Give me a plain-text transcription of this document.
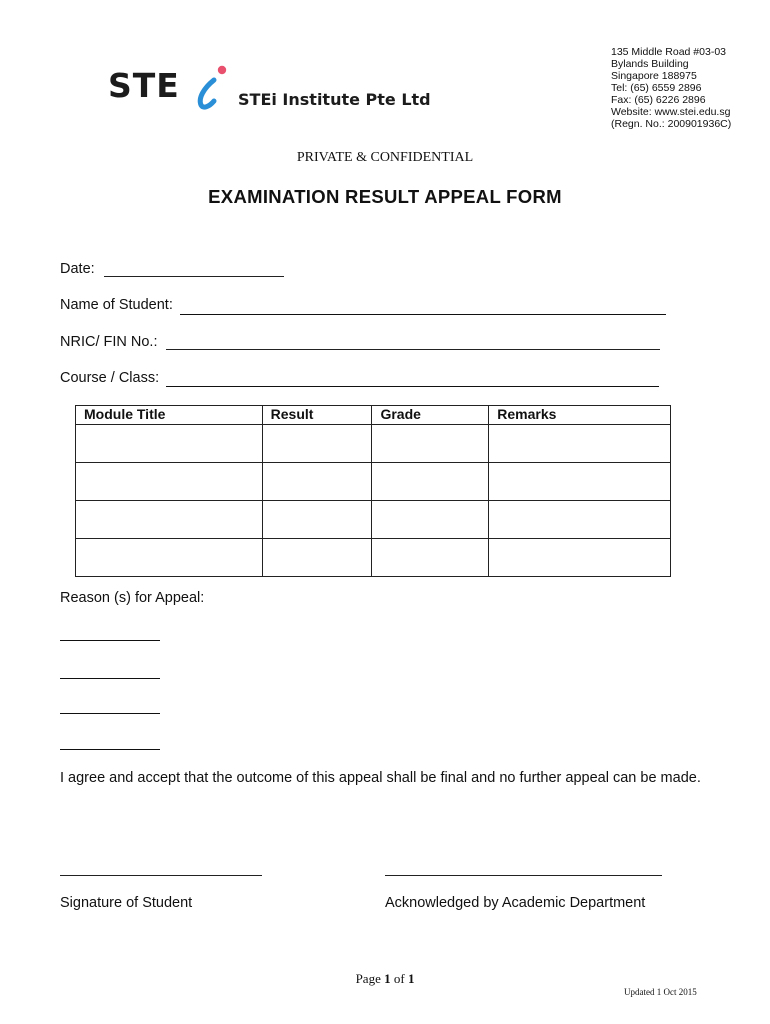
STE	STEi Institute Pte Ltd
135 Middle Road #03-03
Bylands Building
Singapore 188975
Tel: (65) 6559 2896
Fax: (65) 6226 2896
Website: www.stei.edu.sg
(Regn. No.: 200901936C)
PRIVATE & CONFIDENTIAL
EXAMINATION RESULT APPEAL FORM
Date:
Name of Student:
NRIC/ FIN No.:
Course / Class:
Module Title	Result	Grade	Remarks

Reason (s) for Appeal:
I agree and accept that the outcome of this appeal shall be final and no further appeal can be made.
Signature of Student	Acknowledged by Academic Department
Page 1 of 1
Updated 1 Oct 2015
